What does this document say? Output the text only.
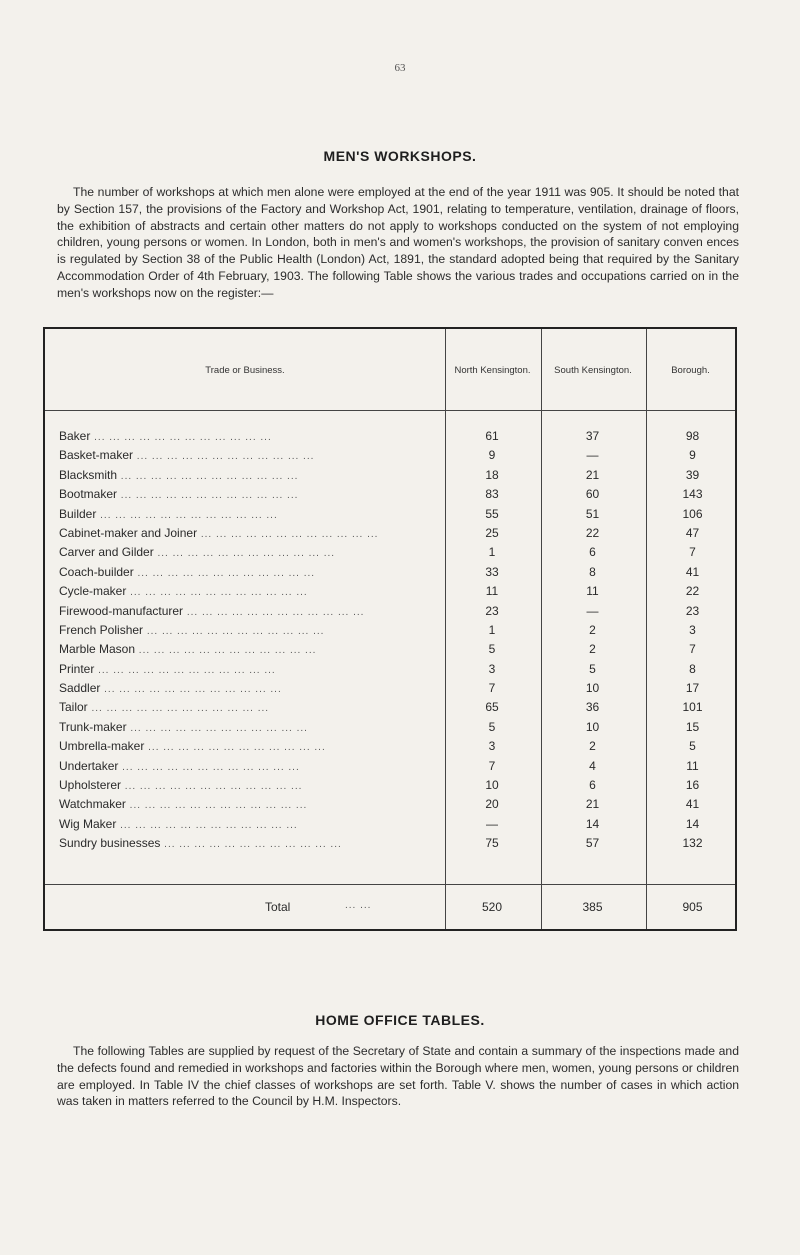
63
MEN'S WORKSHOPS.
The number of workshops at which men alone were employed at the end of the year 1911 was 905. It should be noted that by Section 157, the provisions of the Factory and Workshop Act, 1901, relating to temperature, ventilation, drainage of floors, the exhibition of abstracts and certain other matters do not apply to workshops conducted on the system of not employing children, young persons or women. In London, both in men's and women's workshops, the provision of sanitary conven ences is regulated by Section 38 of the Public Health (London) Act, 1891, the standard adopted being that required by the Sanitary Accommodation Order of 4th February, 1903. The following Table shows the various trades and occupations carried on in the men's workshops now on the register:—
Trade or Business.	North Kensington.	South Kensington.	Borough.
Baker ... ... ... ... ... ... ... ... ... ... ... ...	61	37	98
Basket-maker ... ... ... ... ... ... ... ... ... ... ... ...	9	—	9
Blacksmith ... ... ... ... ... ... ... ... ... ... ... ...	18	21	39
Bootmaker ... ... ... ... ... ... ... ... ... ... ... ...	83	60	143
Builder ... ... ... ... ... ... ... ... ... ... ... ...	55	51	106
Cabinet-maker and Joiner ... ... ... ... ... ... ... ... ... ... ... ...	25	22	47
Carver and Gilder ... ... ... ... ... ... ... ... ... ... ... ...	1	6	7
Coach-builder ... ... ... ... ... ... ... ... ... ... ... ...	33	8	41
Cycle-maker ... ... ... ... ... ... ... ... ... ... ... ...	11	11	22
Firewood-manufacturer ... ... ... ... ... ... ... ... ... ... ... ...	23	—	23
French Polisher ... ... ... ... ... ... ... ... ... ... ... ...	1	2	3
Marble Mason ... ... ... ... ... ... ... ... ... ... ... ...	5	2	7
Printer ... ... ... ... ... ... ... ... ... ... ... ...	3	5	8
Saddler ... ... ... ... ... ... ... ... ... ... ... ...	7	10	17
Tailor ... ... ... ... ... ... ... ... ... ... ... ...	65	36	101
Trunk-maker ... ... ... ... ... ... ... ... ... ... ... ...	5	10	15
Umbrella-maker ... ... ... ... ... ... ... ... ... ... ... ...	3	2	5
Undertaker ... ... ... ... ... ... ... ... ... ... ... ...	7	4	11
Upholsterer ... ... ... ... ... ... ... ... ... ... ... ...	10	6	16
Watchmaker ... ... ... ... ... ... ... ... ... ... ... ...	20	21	41
Wig Maker ... ... ... ... ... ... ... ... ... ... ... ...	—	14	14
Sundry businesses ... ... ... ... ... ... ... ... ... ... ... ...	75	57	132
Total	... ...	520	385	905
HOME OFFICE TABLES.
The following Tables are supplied by request of the Secretary of State and contain a summary of the inspections made and the defects found and remedied in workshops and factories within the Borough where men, women, young persons or children are employed. In Table IV the chief classes of workshops are set forth. Table V. shows the number of cases in which action was taken in matters referred to the Council by H.M. Inspectors.
